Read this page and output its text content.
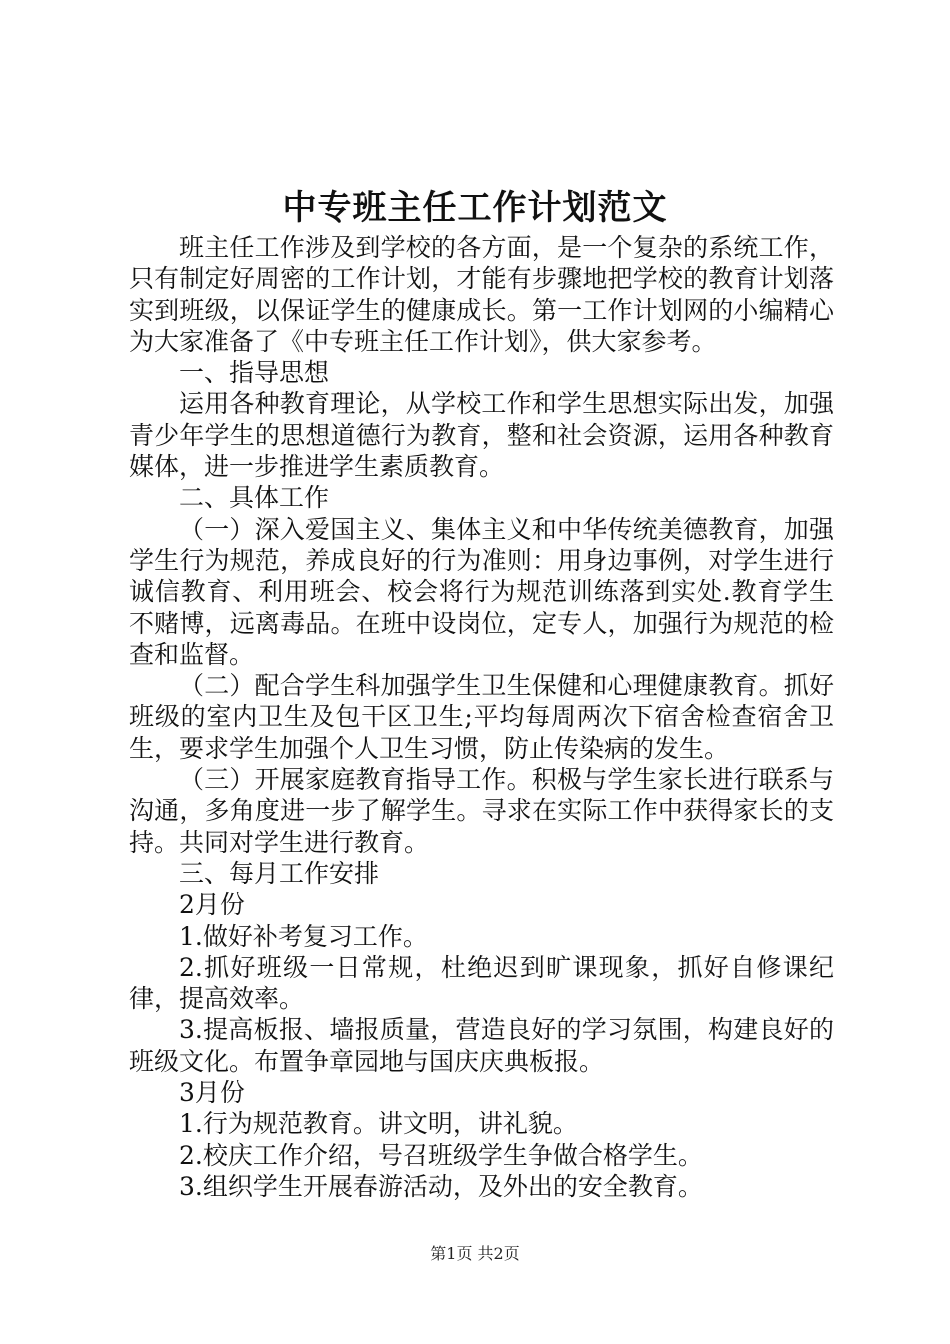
中专班主任工作计划范文

班主任工作涉及到学校的各方面，是一个复杂的系统工作，只有制定好周密的工作计划，才能有步骤地把学校的教育计划落实到班级，以保证学生的健康成长。第一工作计划网的小编精心为大家准备了《中专班主任工作计划》，供大家参考。

一、指导思想

运用各种教育理论，从学校工作和学生思想实际出发，加强青少年学生的思想道德行为教育，整和社会资源，运用各种教育媒体，进一步推进学生素质教育。

二、具体工作

（一）深入爱国主义、集体主义和中华传统美德教育，加强学生行为规范，养成良好的行为准则：用身边事例，对学生进行诚信教育、利用班会、校会将行为规范训练落到实处.教育学生不赌博，远离毒品。在班中设岗位，定专人，加强行为规范的检查和监督。

（二）配合学生科加强学生卫生保健和心理健康教育。抓好班级的室内卫生及包干区卫生;平均每周两次下宿舍检查宿舍卫生，要求学生加强个人卫生习惯，防止传染病的发生。

（三）开展家庭教育指导工作。积极与学生家长进行联系与沟通，多角度进一步了解学生。寻求在实际工作中获得家长的支持。共同对学生进行教育。

三、每月工作安排

2月份

1.做好补考复习工作。

2.抓好班级一日常规，杜绝迟到旷课现象，抓好自修课纪律，提高效率。

3.提高板报、墙报质量，营造良好的学习氛围，构建良好的班级文化。布置争章园地与国庆庆典板报。

3月份

1.行为规范教育。讲文明，讲礼貌。

2.校庆工作介绍，号召班级学生争做合格学生。

3.组织学生开展春游活动，及外出的安全教育。

第1页 共2页
